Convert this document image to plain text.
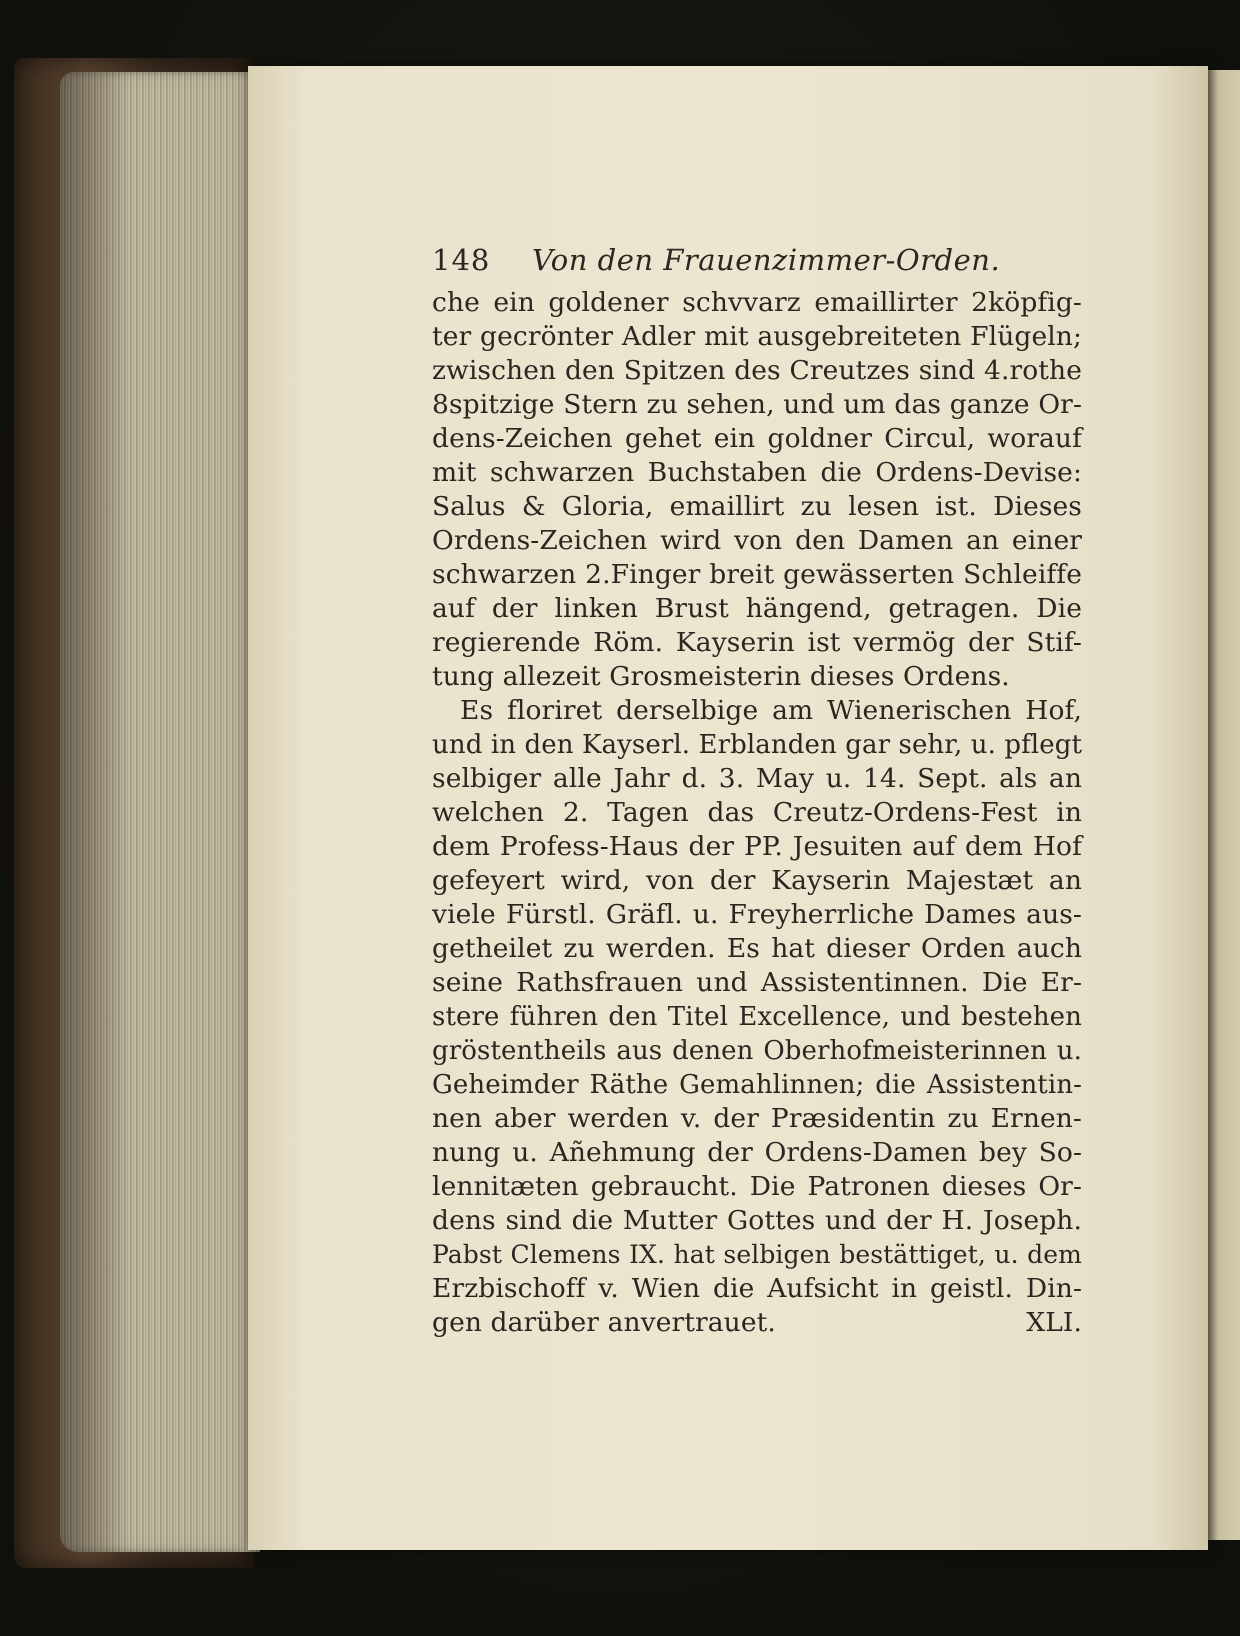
148	Von den Frauenzimmer-Orden.
che ein goldener schvvarz emaillirter 2köpfig-
ter gecrönter Adler mit ausgebreiteten Flügeln;
zwischen den Spitzen des Creutzes sind 4.rothe
8spitzige Stern zu sehen, und um das ganze Or-
dens-Zeichen gehet ein goldner Circul, worauf
mit schwarzen Buchstaben die Ordens-Devise:
Salus & Gloria, emaillirt zu lesen ist. Dieses
Ordens-Zeichen wird von den Damen an einer
schwarzen 2.Finger breit gewässerten Schleiffe
auf der linken Brust hängend, getragen. Die
regierende Röm. Kayserin ist vermög der Stif-
tung allezeit Grosmeisterin dieses Ordens.
Es floriret derselbige am Wienerischen Hof,
und in den Kayserl. Erblanden gar sehr, u. pflegt
selbiger alle Jahr d. 3. May u. 14. Sept. als an
welchen 2. Tagen das Creutz-Ordens-Fest in
dem Profess-Haus der PP. Jesuiten auf dem Hof
gefeyert wird, von der Kayserin Majestæt an
viele Fürstl. Gräfl. u. Freyherrliche Dames aus-
getheilet zu werden. Es hat dieser Orden auch
seine Rathsfrauen und Assistentinnen. Die Er-
stere führen den Titel Excellence, und bestehen
gröstentheils aus denen Oberhofmeisterinnen u.
Geheimder Räthe Gemahlinnen; die Assistentin-
nen aber werden v. der Præsidentin zu Ernen-
nung u. Añehmung der Ordens-Damen bey So-
lennitæten gebraucht. Die Patronen dieses Or-
dens sind die Mutter Gottes und der H. Joseph.
Pabst Clemens IX. hat selbigen bestättiget, u. dem
Erzbischoff v. Wien die Aufsicht in geistl. Din-
gen darüber anvertrauet.	XLI.
